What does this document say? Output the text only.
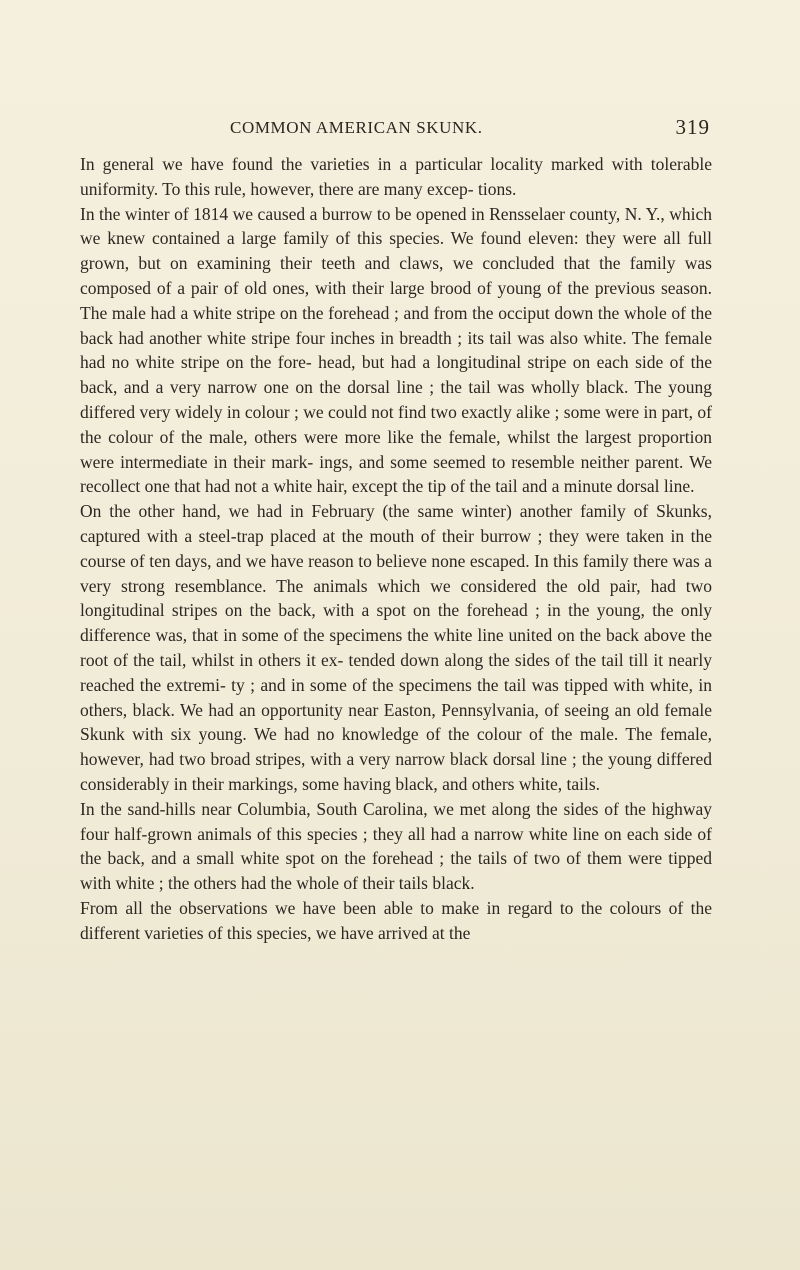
COMMON AMERICAN SKUNK.	319

In general we have found the varieties in a particular locality marked with tolerable uniformity. To this rule, however, there are many excep- tions.

In the winter of 1814 we caused a burrow to be opened in Rensselaer county, N. Y., which we knew contained a large family of this species. We found eleven: they were all full grown, but on examining their teeth and claws, we concluded that the family was composed of a pair of old ones, with their large brood of young of the previous season. The male had a white stripe on the forehead ; and from the occiput down the whole of the back had another white stripe four inches in breadth ; its tail was also white. The female had no white stripe on the fore- head, but had a longitudinal stripe on each side of the back, and a very narrow one on the dorsal line ; the tail was wholly black. The young differed very widely in colour ; we could not find two exactly alike ; some were in part, of the colour of the male, others were more like the female, whilst the largest proportion were intermediate in their mark- ings, and some seemed to resemble neither parent. We recollect one that had not a white hair, except the tip of the tail and a minute dorsal line.

On the other hand, we had in February (the same winter) another family of Skunks, captured with a steel-trap placed at the mouth of their burrow ; they were taken in the course of ten days, and we have reason to believe none escaped. In this family there was a very strong resemblance. The animals which we considered the old pair, had two longitudinal stripes on the back, with a spot on the forehead ; in the young, the only difference was, that in some of the specimens the white line united on the back above the root of the tail, whilst in others it ex- tended down along the sides of the tail till it nearly reached the extremi- ty ; and in some of the specimens the tail was tipped with white, in others, black. We had an opportunity near Easton, Pennsylvania, of seeing an old female Skunk with six young. We had no knowledge of the colour of the male. The female, however, had two broad stripes, with a very narrow black dorsal line ; the young differed considerably in their markings, some having black, and others white, tails.

In the sand-hills near Columbia, South Carolina, we met along the sides of the highway four half-grown animals of this species ; they all had a narrow white line on each side of the back, and a small white spot on the forehead ; the tails of two of them were tipped with white ; the others had the whole of their tails black.

From all the observations we have been able to make in regard to the colours of the different varieties of this species, we have arrived at the
